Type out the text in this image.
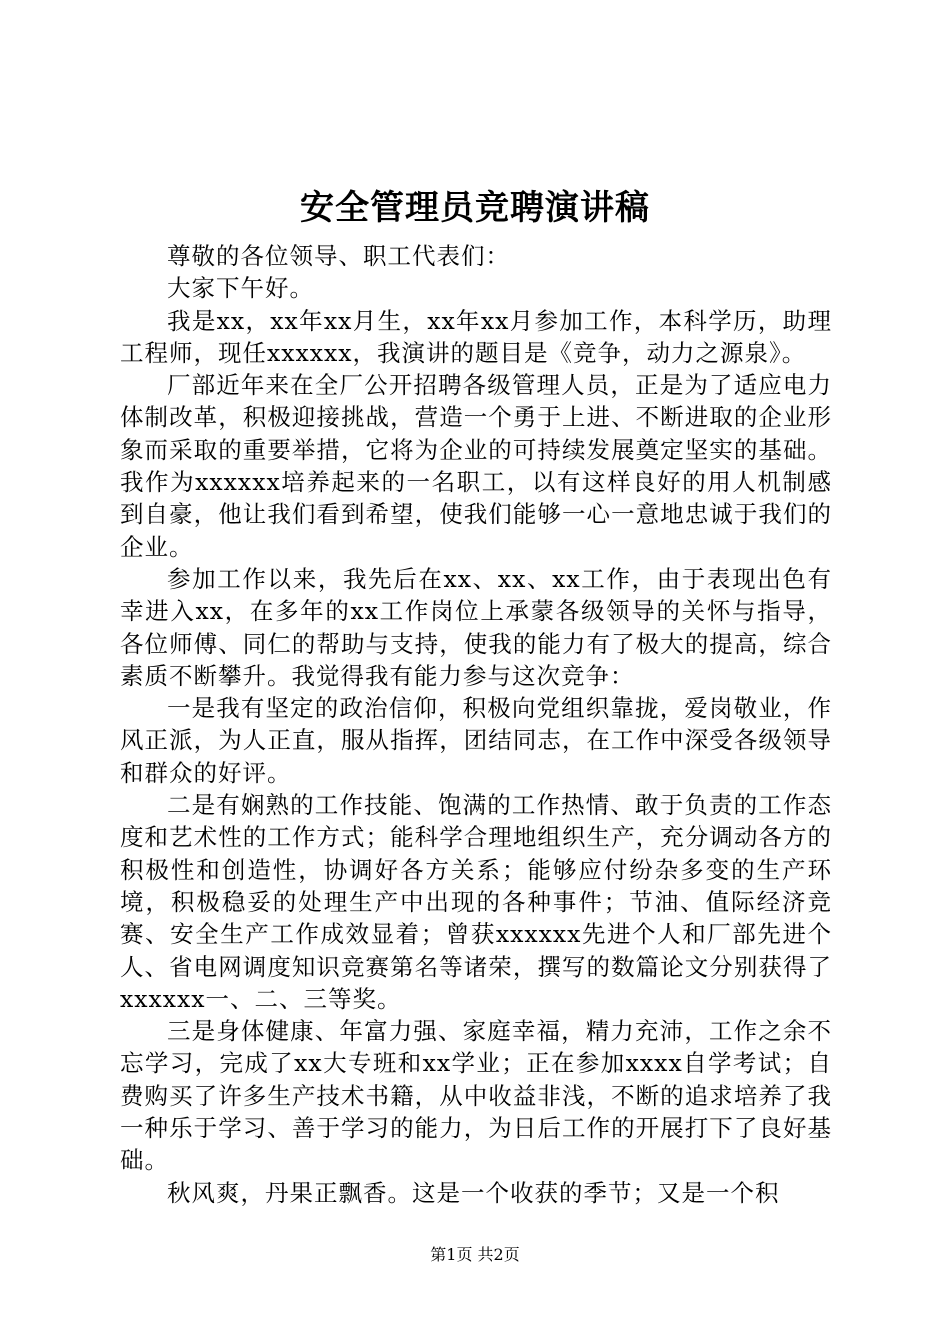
安全管理员竞聘演讲稿

尊敬的各位领导、职工代表们：

大家下午好。

我是xx，xx年xx月生，xx年xx月参加工作，本科学历，助理工程师，现任xxxxxx，我演讲的题目是《竞争，动力之源泉》。

厂部近年来在全厂公开招聘各级管理人员，正是为了适应电力体制改革，积极迎接挑战，营造一个勇于上进、不断进取的企业形象而采取的重要举措，它将为企业的可持续发展奠定坚实的基础。我作为xxxxxx培养起来的一名职工，以有这样良好的用人机制感到自豪，他让我们看到希望，使我们能够一心一意地忠诚于我们的企业。

参加工作以来，我先后在xx、xx、xx工作，由于表现出色有幸进入xx，在多年的xx工作岗位上承蒙各级领导的关怀与指导，各位师傅、同仁的帮助与支持，使我的能力有了极大的提高，综合素质不断攀升。我觉得我有能力参与这次竞争：

一是我有坚定的政治信仰，积极向党组织靠拢，爱岗敬业，作风正派，为人正直，服从指挥，团结同志，在工作中深受各级领导和群众的好评。

二是有娴熟的工作技能、饱满的工作热情、敢于负责的工作态度和艺术性的工作方式；能科学合理地组织生产，充分调动各方的积极性和创造性，协调好各方关系；能够应付纷杂多变的生产环境，积极稳妥的处理生产中出现的各种事件；节油、值际经济竞赛、安全生产工作成效显着；曾获xxxxxx先进个人和厂部先进个人、省电网调度知识竞赛第名等诸荣，撰写的数篇论文分别获得了xxxxxx一、二、三等奖。

三是身体健康、年富力强、家庭幸福，精力充沛，工作之余不忘学习，完成了xx大专班和xx学业；正在参加xxxx自学考试；自费购买了许多生产技术书籍，从中收益非浅，不断的追求培养了我一种乐于学习、善于学习的能力，为日后工作的开展打下了良好基础。

秋风爽，丹果正飘香。这是一个收获的季节；又是一个积

第1页 共2页
